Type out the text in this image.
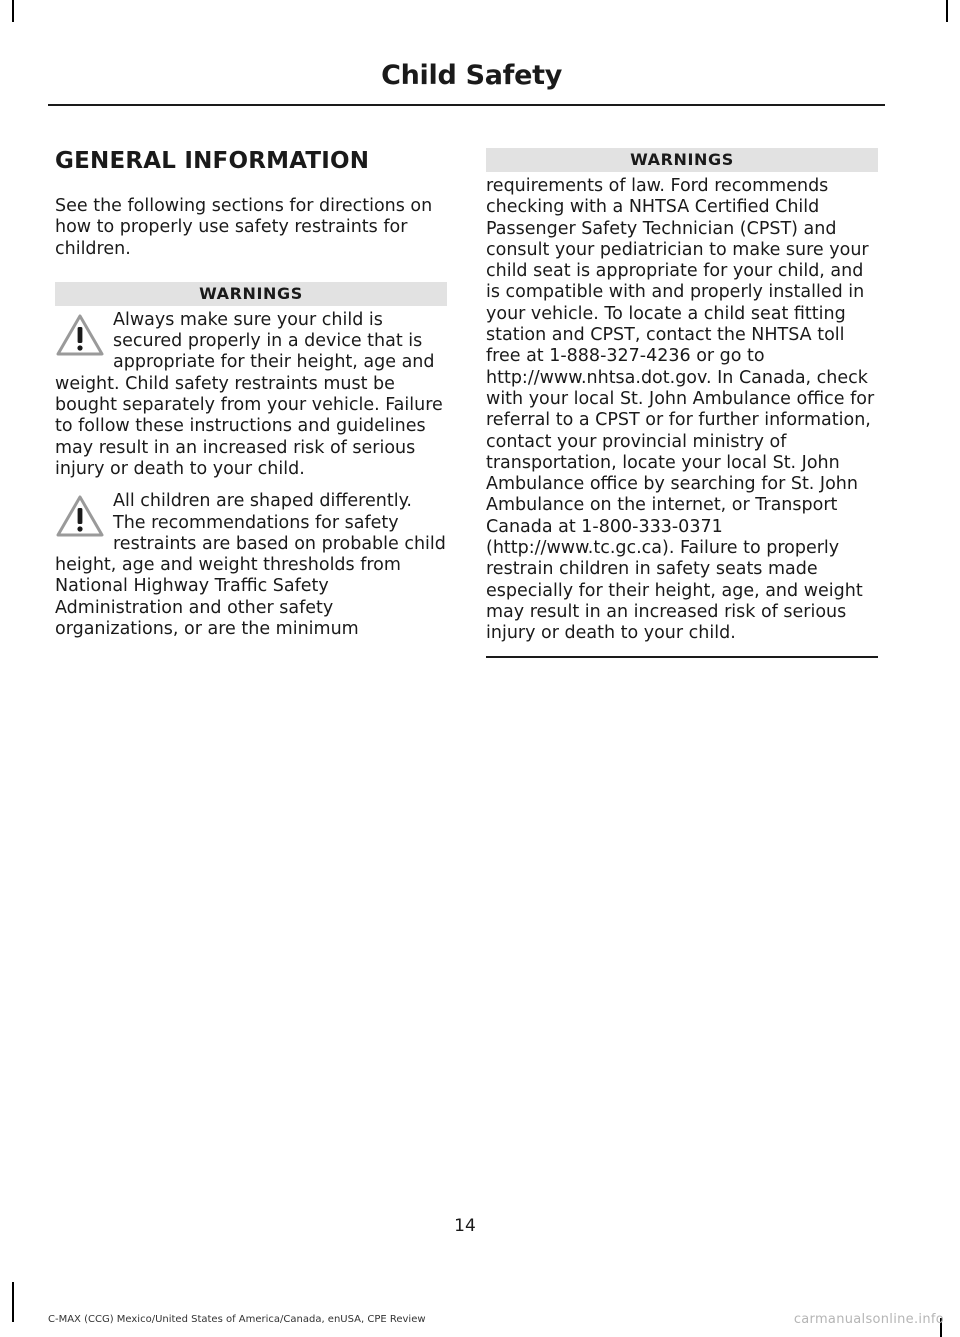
Child Safety
GENERAL INFORMATION

See the following sections for directions on how to properly use safety restraints for children.

WARNINGS

Always make sure your child is secured properly in a device that is appropriate for their height, age and weight. Child safety restraints must be bought separately from your vehicle. Failure to follow these instructions and guidelines may result in an increased risk of serious injury or death to your child.

All children are shaped differently. The recommendations for safety restraints are based on probable child height, age and weight thresholds from National Highway Traffic Safety Administration and other safety organizations, or are the minimum

WARNINGS

requirements of law. Ford recommends checking with a NHTSA Certified Child Passenger Safety Technician (CPST) and consult your pediatrician to make sure your child seat is appropriate for your child, and is compatible with and properly installed in your vehicle. To locate a child seat fitting station and CPST, contact the NHTSA toll free at 1-888-327-4236 or go to http://www.nhtsa.dot.gov. In Canada, check with your local St. John Ambulance office for referral to a CPST or for further information, contact your provincial ministry of transportation, locate your local St. John Ambulance office by searching for St. John Ambulance on the internet, or Transport Canada at 1-800-333-0371 (http://www.tc.gc.ca). Failure to properly restrain children in safety seats made especially for their height, age, and weight may result in an increased risk of serious injury or death to your child.

14
C-MAX (CCG) Mexico/United States of America/Canada, enUSA, CPE Review	carmanualsonline.info
